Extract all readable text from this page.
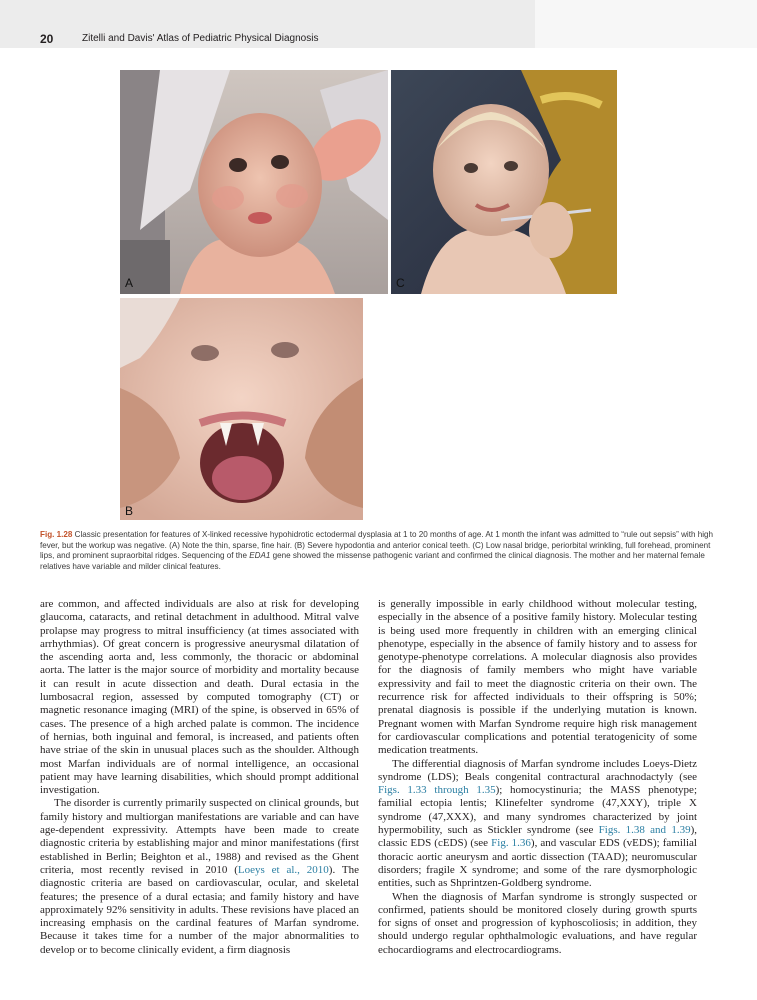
20	Zitelli and Davis' Atlas of Pediatric Physical Diagnosis
A	C
B

Fig. 1.28 Classic presentation for features of X-linked recessive hypohidrotic ectodermal dysplasia at 1 to 20 months of age. At 1 month the infant was admitted to “rule out sepsis” with high fever, but the workup was negative. (A) Note the thin, sparse, fine hair. (B) Severe hypodontia and anterior conical teeth. (C) Low nasal bridge, periorbital wrinkling, full forehead, prominent lips, and prominent supraorbital ridges. Sequencing of the EDA1 gene showed the missense pathogenic variant and confirmed the clinical diagnosis. The mother and her maternal female relatives have variable and milder clinical features.

are common, and affected individuals are also at risk for developing glaucoma, cataracts, and retinal detachment in adulthood. Mitral valve prolapse may progress to mitral insufficiency (at times associated with arrhythmias). Of great concern is progressive aneurysmal dilatation of the ascending aorta and, less commonly, the thoracic or abdominal aorta. The latter is the major source of morbidity and mortality because it can result in acute dissection and death. Dural ectasia in the lumbosacral region, assessed by computed tomography (CT) or magnetic resonance imaging (MRI) of the spine, is observed in 65% of cases. The presence of a high arched palate is common. The incidence of hernias, both inguinal and femoral, is increased, and patients often have striae of the skin in unusual places such as the shoulder. Although most Marfan individuals are of normal intelligence, an occasional patient may have learning disabilities, which should prompt additional investigation.

The disorder is currently primarily suspected on clinical grounds, but family history and multiorgan manifestations are variable and can have age-dependent expressivity. Attempts have been made to create diagnostic criteria by establishing major and minor manifestations (first established in Berlin; Beighton et al., 1988) and revised as the Ghent criteria, most recently revised in 2010 (Loeys et al., 2010). The diagnostic criteria are based on cardiovascular, ocular, and skeletal features; the presence of a dural ectasia; and family history and have approximately 92% sensitivity in adults. These revisions have placed an increasing emphasis on the cardinal features of Marfan syndrome. Because it takes time for a number of the major abnormalities to develop or to become clinically evident, a firm diagnosis

is generally impossible in early childhood without molecular testing, especially in the absence of a positive family history. Molecular testing is being used more frequently in children with an emerging clinical phenotype, especially in the absence of family history and to assess for genotype-phenotype correlations. A molecular diagnosis also provides for the diagnosis of family members who might have variable expressivity and fail to meet the diagnostic criteria on their own. The recurrence risk for affected individuals to their offspring is 50%; prenatal diagnosis is possible if the underlying mutation is known. Pregnant women with Marfan Syndrome require high risk management for cardiovascular complications and potential teratogenicity of some medication treatments.

The differential diagnosis of Marfan syndrome includes Loeys-Dietz syndrome (LDS); Beals congenital contractural arachnodactyly (see Figs. 1.33 through 1.35); homocystinuria; the MASS phenotype; familial ectopia lentis; Klinefelter syndrome (47,XXY), triple X syndrome (47,XXX), and many syndromes characterized by joint hypermobility, such as Stickler syndrome (see Figs. 1.38 and 1.39), classic EDS (cEDS) (see Fig. 1.36), and vascular EDS (vEDS); familial thoracic aortic aneurysm and aortic dissection (TAAD); neuromuscular disorders; fragile X syndrome; and some of the rare dysmorphologic entities, such as Shprintzen-Goldberg syndrome.

When the diagnosis of Marfan syndrome is strongly suspected or confirmed, patients should be monitored closely during growth spurts for signs of onset and progression of kyphoscoliosis; in addition, they should undergo regular ophthalmologic evaluations, and have regular echocardiograms and electrocardiograms.
